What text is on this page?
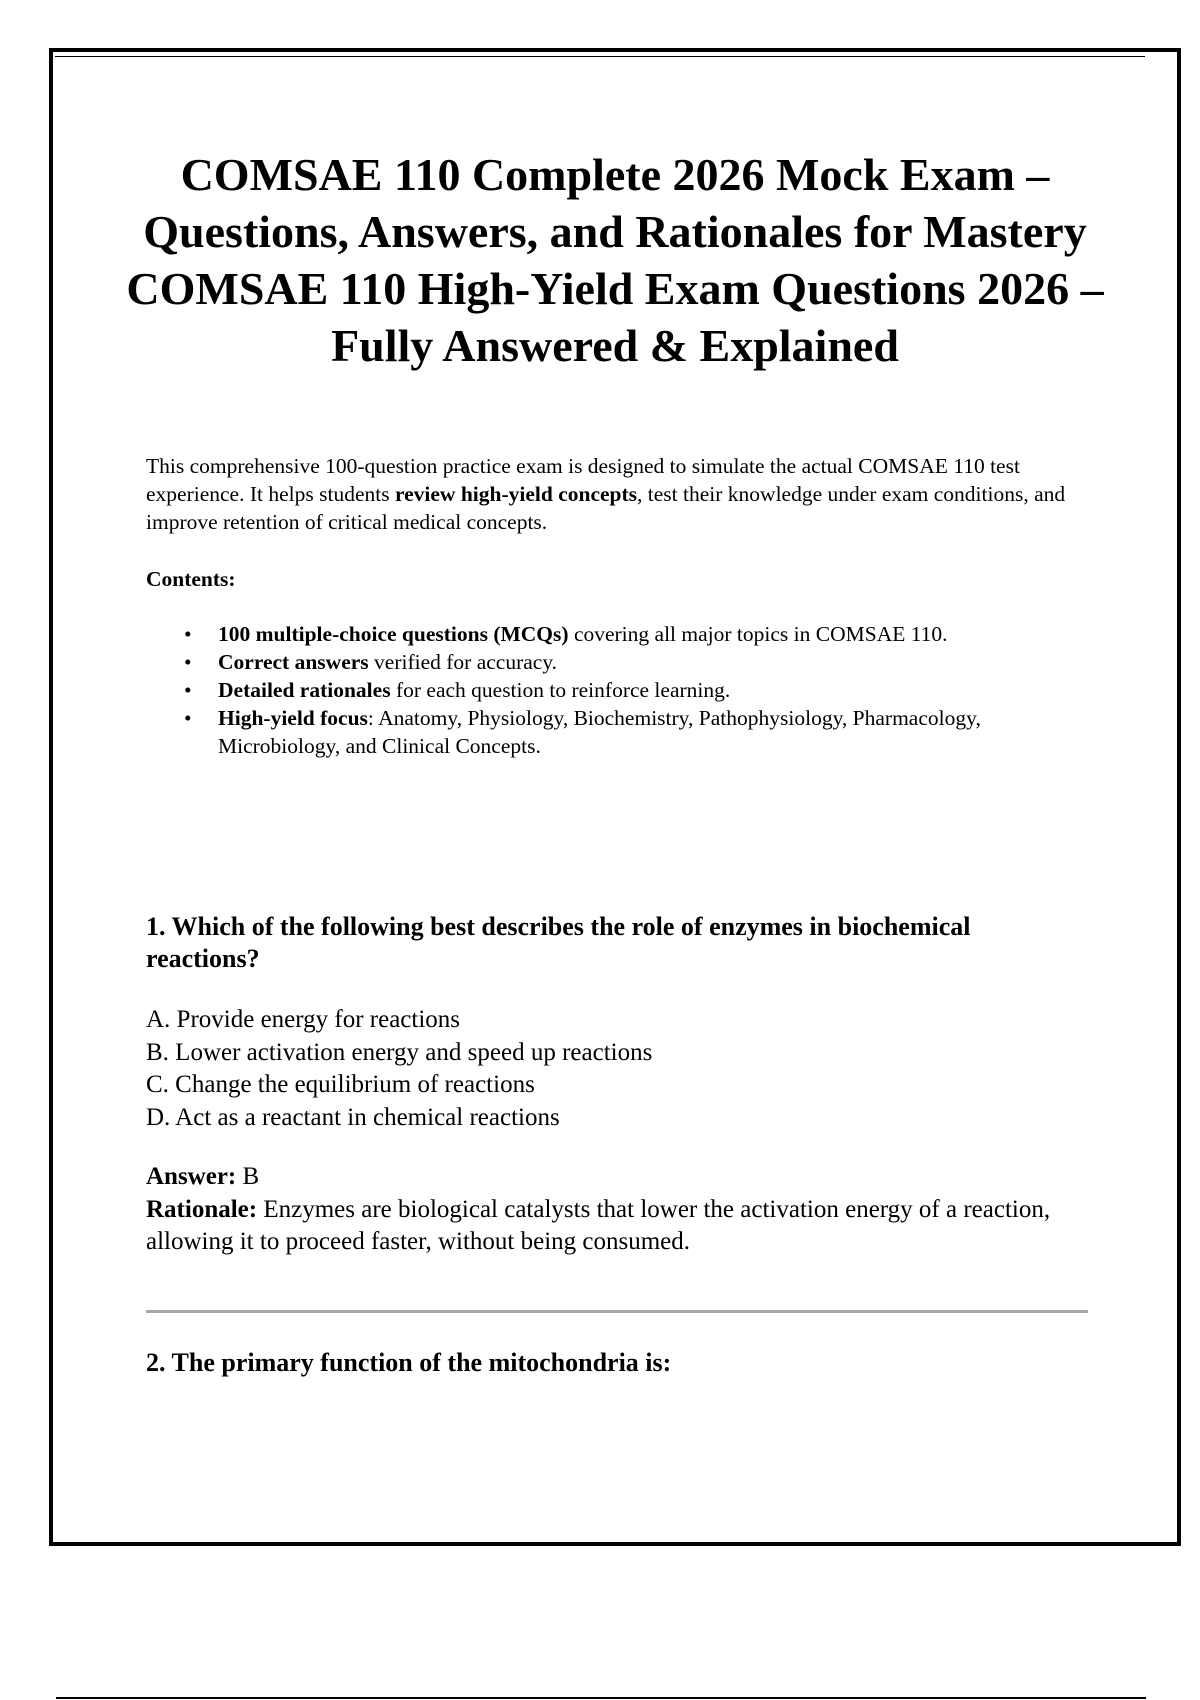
COMSAE 110 Complete 2026 Mock Exam – Questions, Answers, and Rationales for Mastery COMSAE 110 High-Yield Exam Questions 2026 – Fully Answered & Explained

This comprehensive 100-question practice exam is designed to simulate the actual COMSAE 110 test experience. It helps students review high-yield concepts, test their knowledge under exam conditions, and improve retention of critical medical concepts.

Contents:

• 100 multiple-choice questions (MCQs) covering all major topics in COMSAE 110.
• Correct answers verified for accuracy.
• Detailed rationales for each question to reinforce learning.
• High-yield focus: Anatomy, Physiology, Biochemistry, Pathophysiology, Pharmacology, Microbiology, and Clinical Concepts.

1. Which of the following best describes the role of enzymes in biochemical reactions?

A. Provide energy for reactions
B. Lower activation energy and speed up reactions
C. Change the equilibrium of reactions
D. Act as a reactant in chemical reactions
Answer: B
Rationale: Enzymes are biological catalysts that lower the activation energy of a reaction, allowing it to proceed faster, without being consumed.

2. The primary function of the mitochondria is:
